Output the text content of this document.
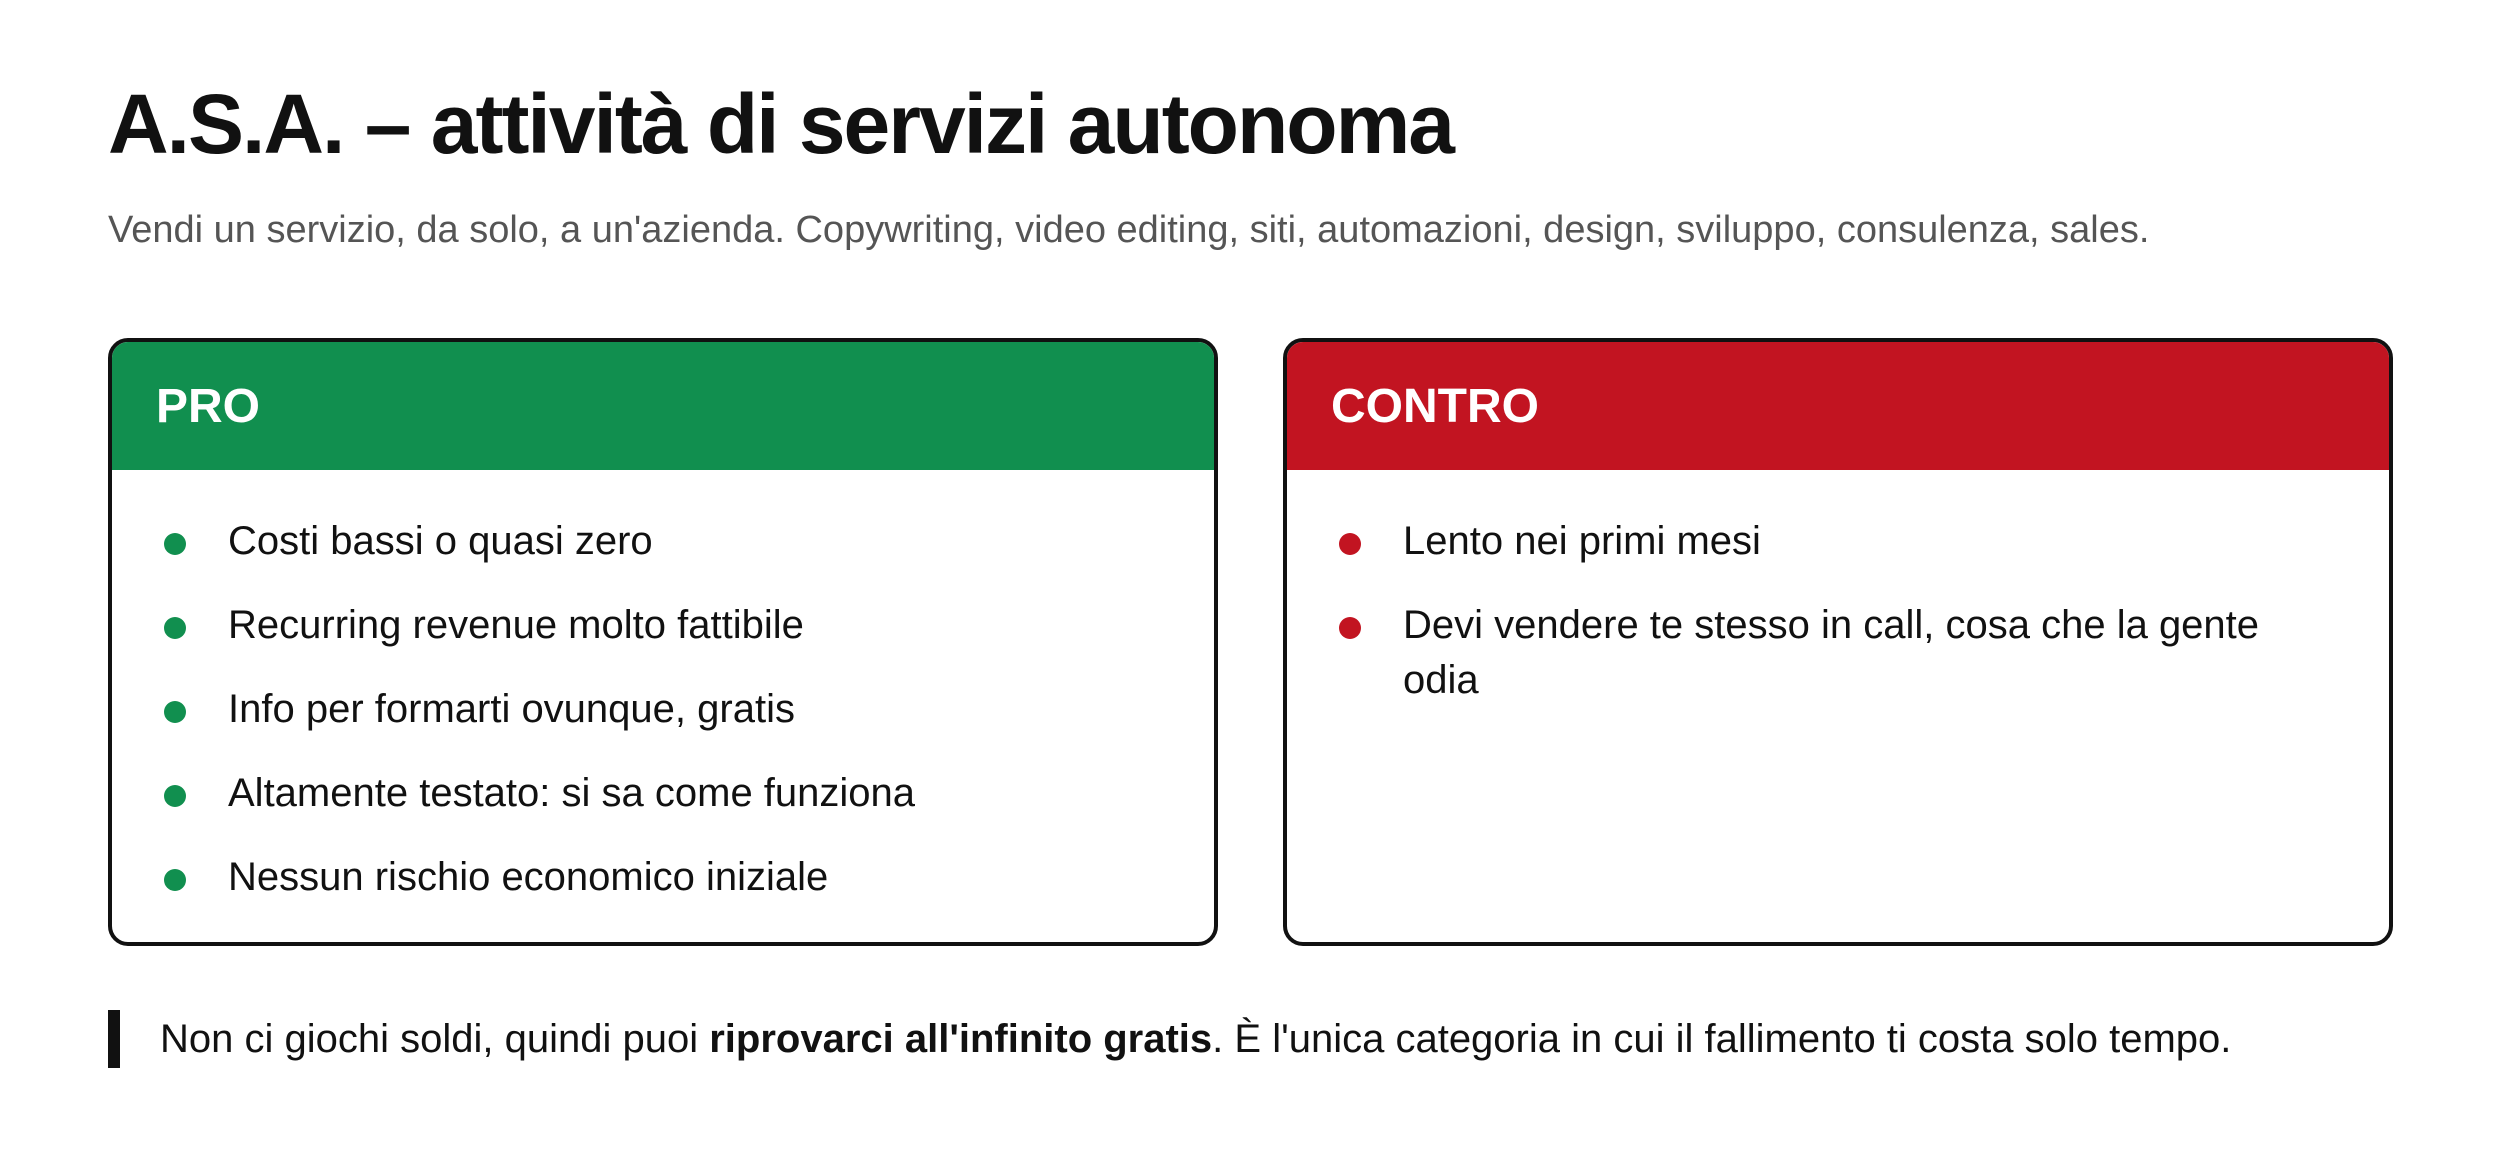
A.S.A. – attività di servizi autonoma

Vendi un servizio, da solo, a un'azienda. Copywriting, video editing, siti, automazioni, design, sviluppo, consulenza, sales.

PRO
Costi bassi o quasi zero
Recurring revenue molto fattibile
Info per formarti ovunque, gratis
Altamente testato: si sa come funziona
Nessun rischio economico iniziale
CONTRO
Lento nei primi mesi
Devi vendere te stesso in call, cosa che la gente odia
Non ci giochi soldi, quindi puoi riprovarci all'infinito gratis. È l'unica categoria in cui il fallimento ti costa solo tempo.
